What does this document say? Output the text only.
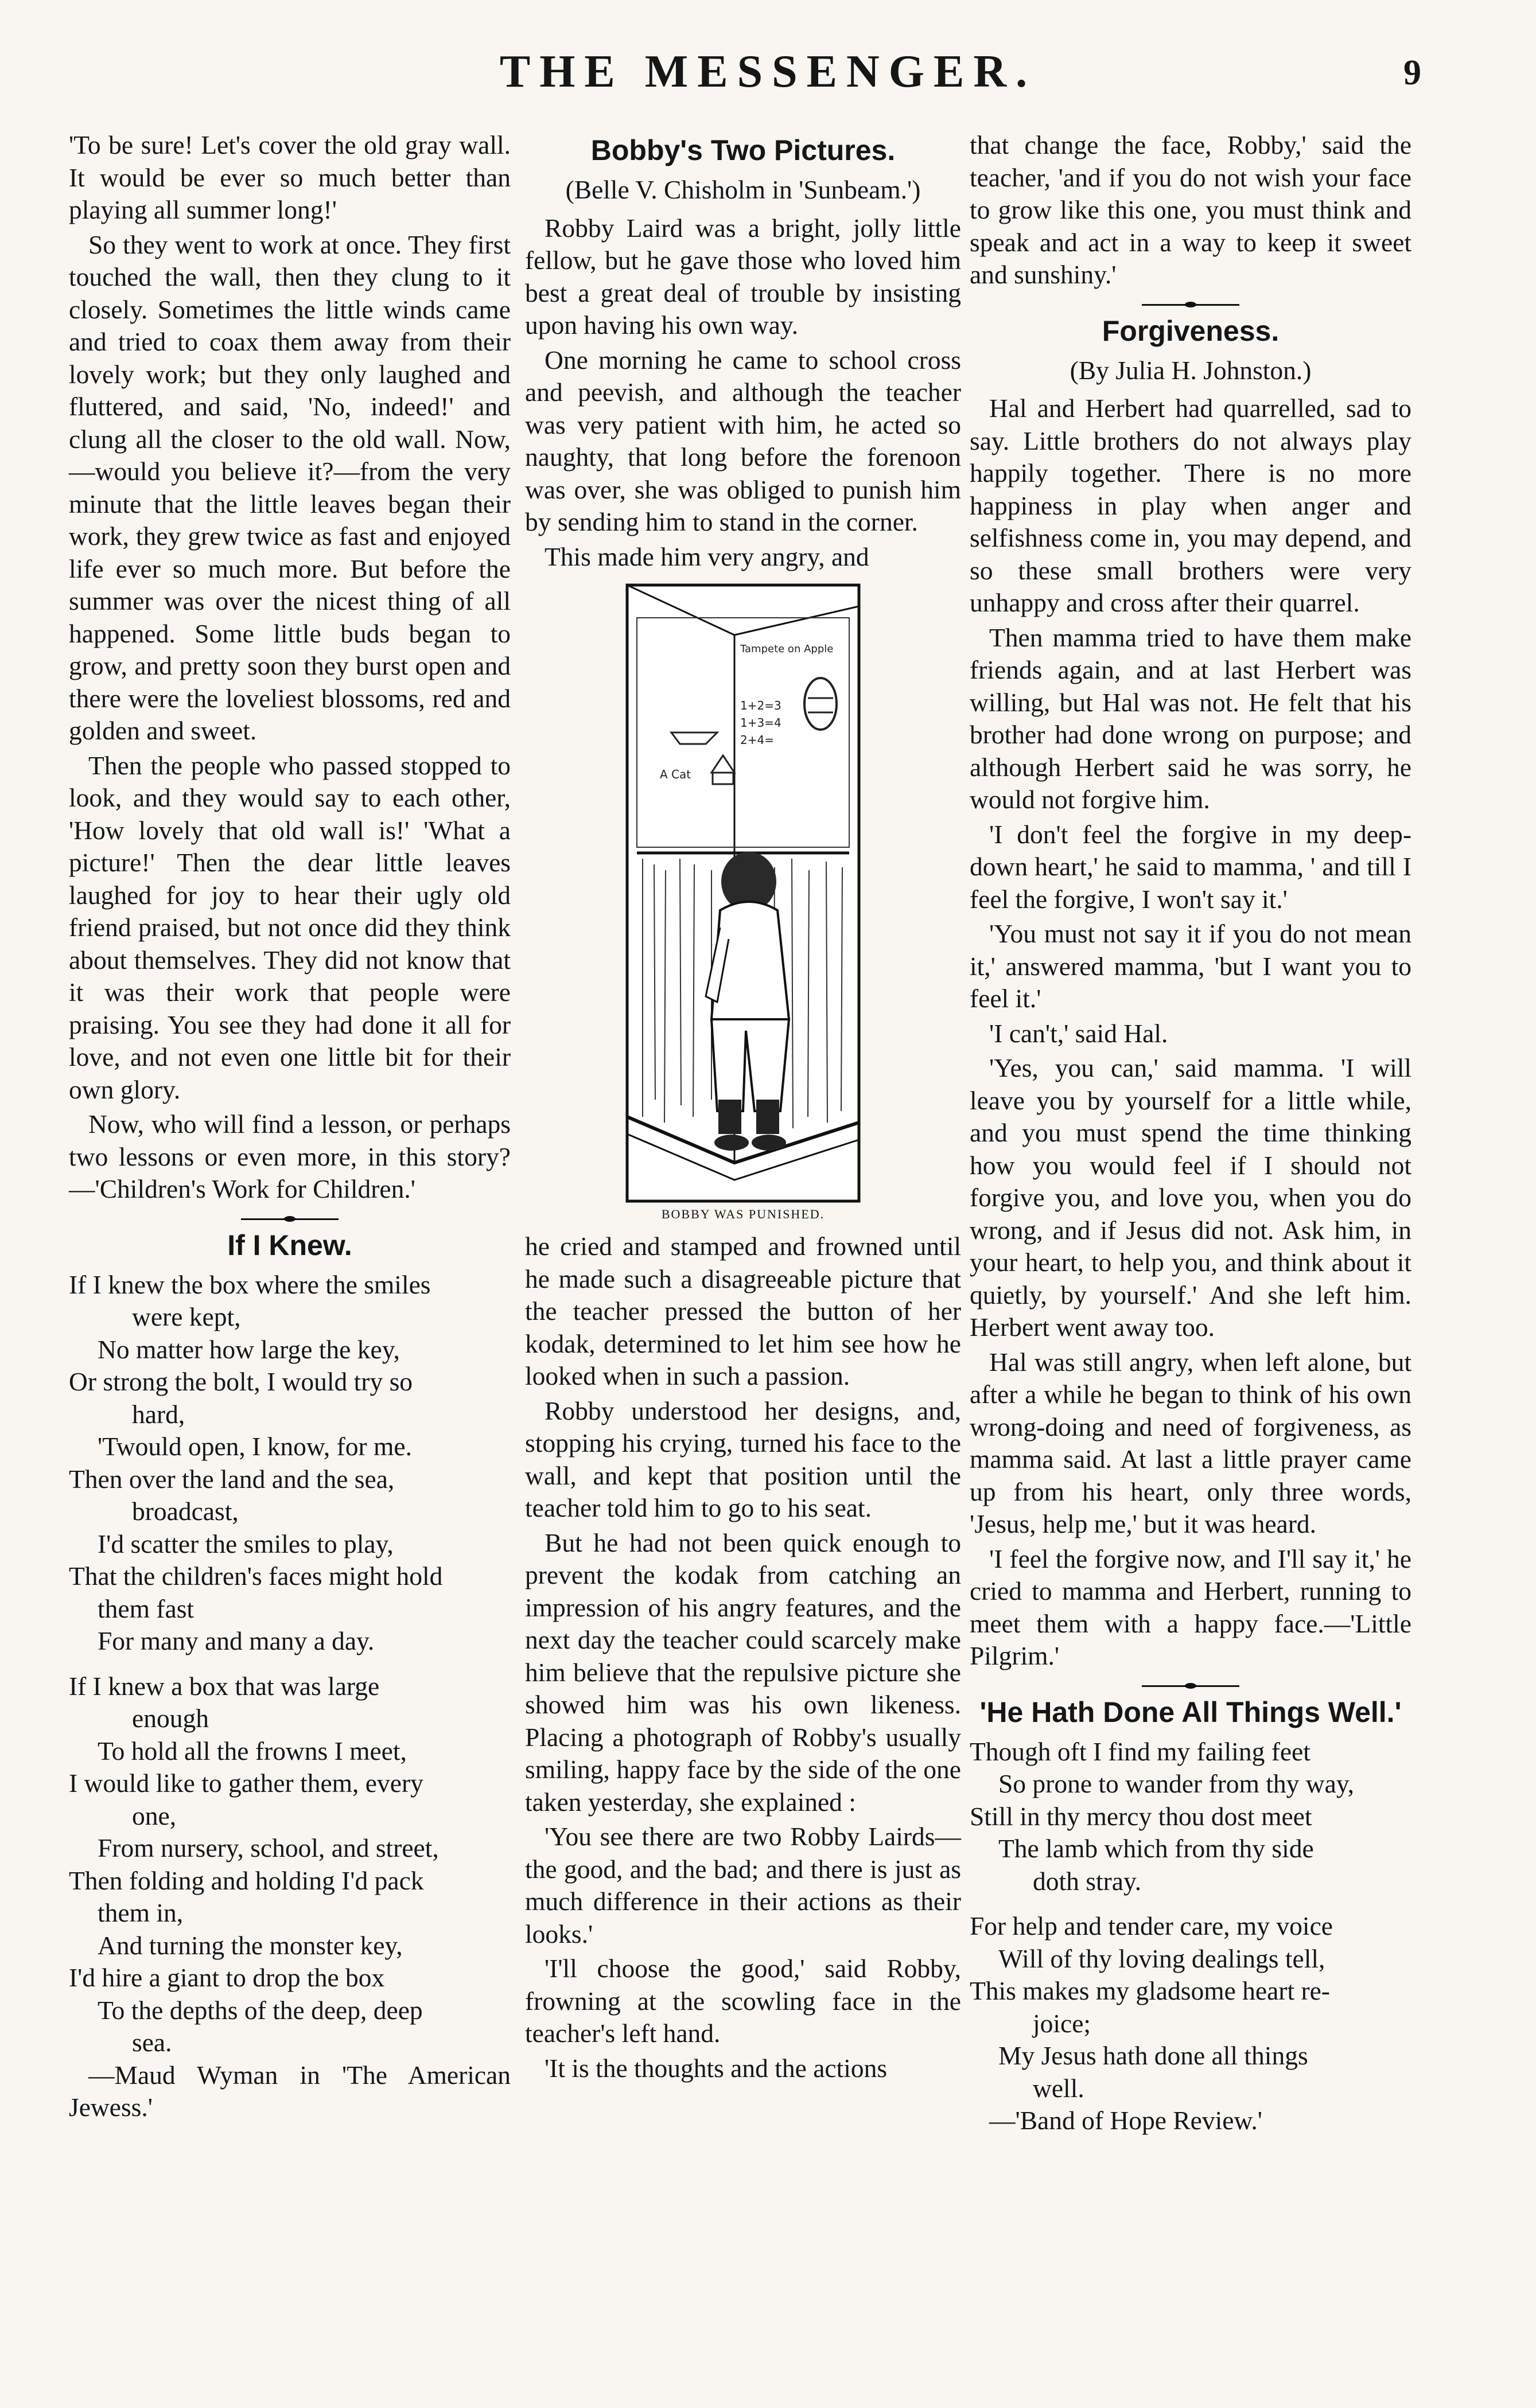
THE MESSENGER.	9

'To be sure! Let's cover the old gray wall. It would be ever so much better than playing all summer long!'

So they went to work at once. They first touched the wall, then they clung to it closely. Sometimes the little winds came and tried to coax them away from their lovely work; but they only laughed and fluttered, and said, 'No, indeed!' and clung all the closer to the old wall. Now,—would you believe it?—from the very minute that the little leaves began their work, they grew twice as fast and enjoyed life ever so much more. But before the summer was over the nicest thing of all happened. Some little buds began to grow, and pretty soon they burst open and there were the loveliest blossoms, red and golden and sweet.

Then the people who passed stopped to look, and they would say to each other, 'How lovely that old wall is!' 'What a picture!' Then the dear little leaves laughed for joy to hear their ugly old friend praised, but not once did they think about themselves. They did not know that it was their work that people were praising. You see they had done it all for love, and not even one little bit for their own glory.

Now, who will find a lesson, or perhaps two lessons or even more, in this story?—'Children's Work for Children.'

If I Knew.
If I knew the box where the smiles
were kept,
No matter how large the key,
Or strong the bolt, I would try so
hard,
'Twould open, I know, for me.
Then over the land and the sea,
broadcast,
I'd scatter the smiles to play,
That the children's faces might hold
them fast
For many and many a day.
If I knew a box that was large
enough
To hold all the frowns I meet,
I would like to gather them, every
one,
From nursery, school, and street,
Then folding and holding I'd pack
them in,
And turning the monster key,
I'd hire a giant to drop the box
To the depths of the deep, deep
sea.

—Maud Wyman in 'The American Jewess.'

Bobby's Two Pictures.
(Belle V. Chisholm in 'Sunbeam.')

Robby Laird was a bright, jolly little fellow, but he gave those who loved him best a great deal of trouble by insisting upon having his own way.

One morning he came to school cross and peevish, and although the teacher was very patient with him, he acted so naughty, that long before the forenoon was over, she was obliged to punish him by sending him to stand in the corner.

This made him very angry, and

Tampete on Apple
1+2=3
1+3=4
2+4=
A Cat
BOBBY WAS PUNISHED.

he cried and stamped and frowned until he made such a disagreeable picture that the teacher pressed the button of her kodak, determined to let him see how he looked when in such a passion.

Robby understood her designs, and, stopping his crying, turned his face to the wall, and kept that position until the teacher told him to go to his seat.

But he had not been quick enough to prevent the kodak from catching an impression of his angry features, and the next day the teacher could scarcely make him believe that the repulsive picture she showed him was his own likeness. Placing a photograph of Robby's usually smiling, happy face by the side of the one taken yesterday, she explained :

'You see there are two Robby Lairds—the good, and the bad; and there is just as much difference in their actions as their looks.'

'I'll choose the good,' said Robby, frowning at the scowling face in the teacher's left hand.

'It is the thoughts and the actions

that change the face, Robby,' said the teacher, 'and if you do not wish your face to grow like this one, you must think and speak and act in a way to keep it sweet and sunshiny.'

Forgiveness.
(By Julia H. Johnston.)

Hal and Herbert had quarrelled, sad to say. Little brothers do not always play happily together. There is no more happiness in play when anger and selfishness come in, you may depend, and so these small brothers were very unhappy and cross after their quarrel.

Then mamma tried to have them make friends again, and at last Herbert was willing, but Hal was not. He felt that his brother had done wrong on purpose; and although Herbert said he was sorry, he would not forgive him.

'I don't feel the forgive in my deep-down heart,' he said to mamma, ' and till I feel the forgive, I won't say it.'

'You must not say it if you do not mean it,' answered mamma, 'but I want you to feel it.'

'I can't,' said Hal.

'Yes, you can,' said mamma. 'I will leave you by yourself for a little while, and you must spend the time thinking how you would feel if I should not forgive you, and love you, when you do wrong, and if Jesus did not. Ask him, in your heart, to help you, and think about it quietly, by yourself.' And she left him. Herbert went away too.

Hal was still angry, when left alone, but after a while he began to think of his own wrong-doing and need of forgiveness, as mamma said. At last a little prayer came up from his heart, only three words, 'Jesus, help me,' but it was heard.

'I feel the forgive now, and I'll say it,' he cried to mamma and Herbert, running to meet them with a happy face.—'Little Pilgrim.'

'He Hath Done All Things Well.'
Though oft I find my failing feet
So prone to wander from thy way,
Still in thy mercy thou dost meet
The lamb which from thy side
doth stray.
For help and tender care, my voice
Will of thy loving dealings tell,
This makes my gladsome heart re-
joice;
My Jesus hath done all things
well.

—'Band of Hope Review.'
